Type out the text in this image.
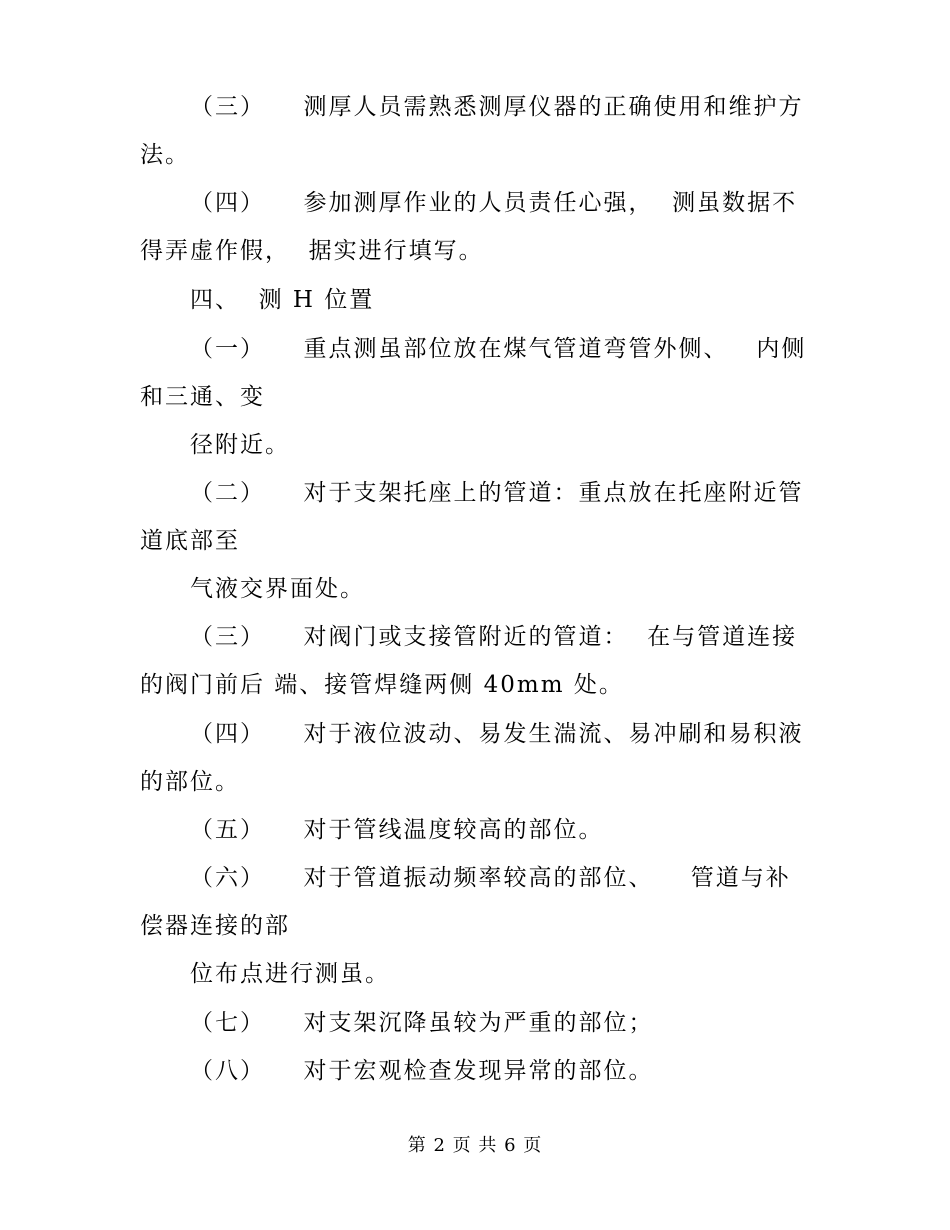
（三）　　测厚人员需熟悉测厚仪器的正确使用和维护方
法。
（四）　　参加测厚作业的人员责任心强，  测虽数据不
得弄虚作假，  据实进行填写。
四、  测 H 位置
（一）　　重点测虽部位放在煤气管道弯管外侧、   内侧
和三通、变
径附近。
（二）　　对于支架托座上的管道：重点放在托座附近管
道底部至
气液交界面处。
（三）　　对阀门或支接管附近的管道：  在与管道连接
的阀门前后 端、接管焊缝两侧 40mm 处。
（四）　　对于液位波动、易发生湍流、易冲刷和易积液
的部位。
（五）　　对于管线温度较高的部位。
（六）　　对于管道振动频率较高的部位、    管道与补
偿器连接的部
位布点进行测虽。
（七）　　对支架沉降虽较为严重的部位；
（八）　　对于宏观检查发现异常的部位。
第 2 页 共 6 页
